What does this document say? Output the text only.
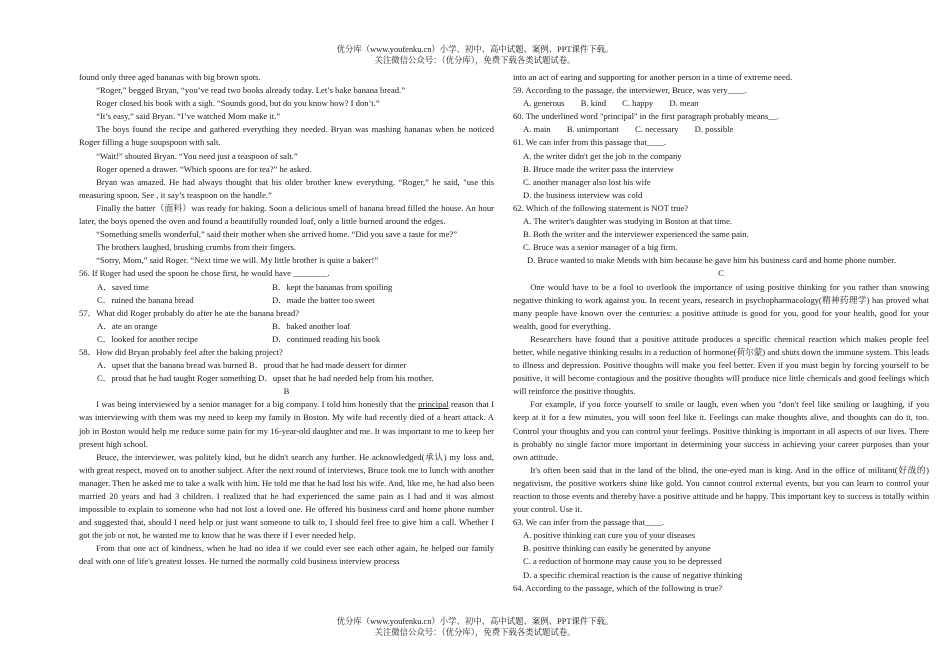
优分库（www.youfenku.cn）小学、初中、高中试题、案例、PPT课件下载。
关注微信公众号：（优分库），免费下载各类试题试卷。

found only three aged bananas with big brown spots.

“Roger,” begged Bryan, “you’ve read two books already today. Let’s bake banana bread.”

Roger closed his book with a sigh. “Sounds good, but do you know how? I don’t.”

“It’s easy,” said Bryan. “I’ve watched Mom make it.”

The boys found the recipe and gathered everything they needed. Bryan was mashing bananas when he noticed Roger filling a huge soupspoon with salt.

“Wait!” shouted Bryan. “You need just a teaspoon of salt.”

Roger opened a drawer. “Which spoons are for tea?” he asked.

Bryan was amazed. He had always thought that his older brother knew everything. “Roger,” he said, "use this measuring spoon. See , it say’s teaspoon on the handle.”

Finally the batter（面料）was ready for baking. Soon a delicious smell of banana bread filled the house. An hour later, the boys opened the oven and found a beautifully rounded loaf, only a little burned around the edges.

“Something smells wonderful,” said their mother when she arrived home. “Did you save a taste for me?”

The brothers laughed, brushing crumbs from their fingers.

“Sorry, Mom,” said Roger. “Next time we will. My little brother is quite a baker!”

56. If Roger had used the spoon he chose first, he would have ________.

A．saved time	B．kept the bananas from spoiling
C．ruined the banana bread	D．made the batter too sweet

57．What did Roger probably do after he ate the banana bread?

A．ate an orange	B．baked another loaf
C．looked for another recipe	D．continued reading his book

58．How did Bryan probably feel after the baking project?

A．upset that the banana bread was burned B．proud that he had made dessert for dinner

C．proud that he had taught Roger something D．upset that he had needed help from his mother.

B

I was being interviewed by a senior manager for a big company. I told him honestly that the principal reason that I was interviewing with them was my need to keep my family in Boston. My wife had recently died of a heart attack. A job in Boston would help me reduce some pain for my 16-year-old daughter and me. It was important to me to keep her present high school.

Bruce, the interviewer, was politely kind, but he didn't search any further. He acknowledged(承认) my loss and, with great respect, moved on to another subject. After the next round of interviews, Bruce took me to lunch with another manager. Then he asked me to take a walk with him. He told me that he had lost his wife. And, like me, he had also been married 20 years and had 3 children. I realized that he had experienced the same pain as I had and it was almost impossible to explain to someone who had not lost a loved one. He offered his business card and home phone number and suggested that, should I need help or just want someone to talk to, I should feel free to give him a call. Whether I got the job or not, he wanted me to know that he was there if I ever needed help.

From that one act of kindness, when he had no idea if we could ever see each other again, he helped our family deal with one of life's greatest losses. He turned the normally cold business interview process

into an act of earing and supporting for another person in a time of extreme need.

59. According to the passage, the interviewer, Bruce, was very____.

A. generous B. kind C. happy D. mean

60. The underlined word "principal" in the first paragraph probably means__.

A. main B. unimportant C. necessary D. possible

61. We can infer from this passage that____.

A. the writer didn't get the job in the company

B. Bruce made the writer pass the interview

C. another manager also lost his wife

D. the business interview was cold

62. Which of the following statement is NOT true?

A. The writer's daughter was studying in Boston at that time.

B. Both the writer and the interviewer experienced the same pain.

C. Bruce was a senior manager of a big firm.

D. Bruce wanted to make Mends with him because he gave him his business card and home phone number.

C

One would have to be a fool to overlook the importance of using positive thinking for you rather than snowing negative thinking to work against you. In recent years, research in psychopharmacology(精神药理学) has proved what many people have known over the centuries: a positive attitude is good for you, good for your health, good for your wealth, good for everything.

Researchers have found that a positive attitude produces a specific chemical reaction which makes people feel better, while negative thinking results in a reduction of hormone(荷尔蒙) and shuts down the immune system. This leads to illness and depression. Positive thoughts will make you feel better. Even if you must begin by forcing yourself to be positive, it will become contagious and the positive thoughts will produce nice little chemicals and good feelings which will reinforce the positive thoughts.

For example, if you force yourself to smile or laugh, even when you "don't feel like smiling or laughing, if you keep at it for a few minutes, you will soon feel like it. Feelings can make thoughts alive, and thoughts can do it, too. Control your thoughts and you can control your feelings. Positive thinking is important in all aspects of our lives. There is probably no single factor more important in determining your success in achieving your career purposes than your own attitude.

It's often been said that in the land of the blind, the one-eyed man is king. And in the office of militant(好战的) negativism, the positive workers shine like gold. You cannot control external events, but you can learn to control your reaction to those events and thereby have a positive attitude and be happy. This important key to success is totally within your control. Use it.

63. We can infer from the passage that____.

A. positive thinking can cure you of your diseases

B. positive thinking can easily be generated by anyone

C. a reduction of hormone may cause you to be depressed

D. a specific chemical reaction is the cause of negative thinking

64. According to the passage, which of the following is true?

优分库（www.youfenku.cn）小学、初中、高中试题、案例、PPT课件下载。
关注微信公众号：（优分库），免费下载各类试题试卷。
